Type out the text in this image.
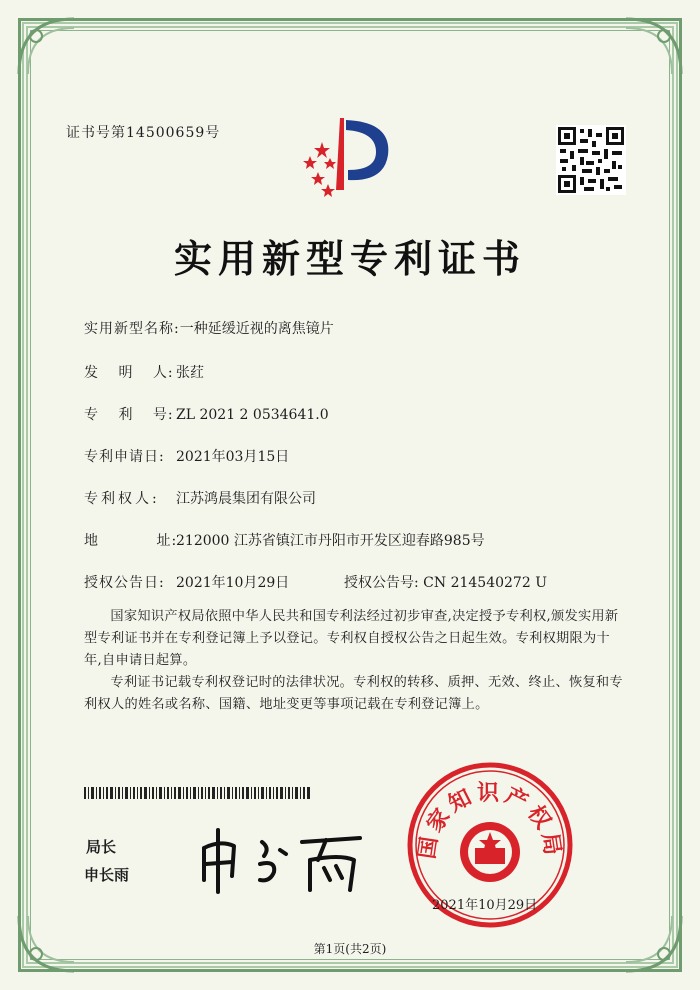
证书号第14500659号
实用新型专利证书
实用新型名称:一种延缓近视的离焦镜片
发 明 人: 张荭
专 利 号: ZL 2021 2 0534641.0
专利申请日: 2021年03月15日
专利权人: 江苏鸿晨集团有限公司
地 址:212000 江苏省镇江市丹阳市开发区迎春路985号
授权公告日: 2021年10月29日	授权公告号: CN 214540272 U
国家知识产权局依照中华人民共和国专利法经过初步审查,决定授予专利权,颁发实用新型专利证书并在专利登记簿上予以登记。专利权自授权公告之日起生效。专利权期限为十年,自申请日起算。
专利证书记载专利权登记时的法律状况。专利权的转移、质押、无效、终止、恢复和专利权人的姓名或名称、国籍、地址变更等事项记载在专利登记簿上。
局长
申长雨
国家知识产权局
2021年10月29日
第1页(共2页)
